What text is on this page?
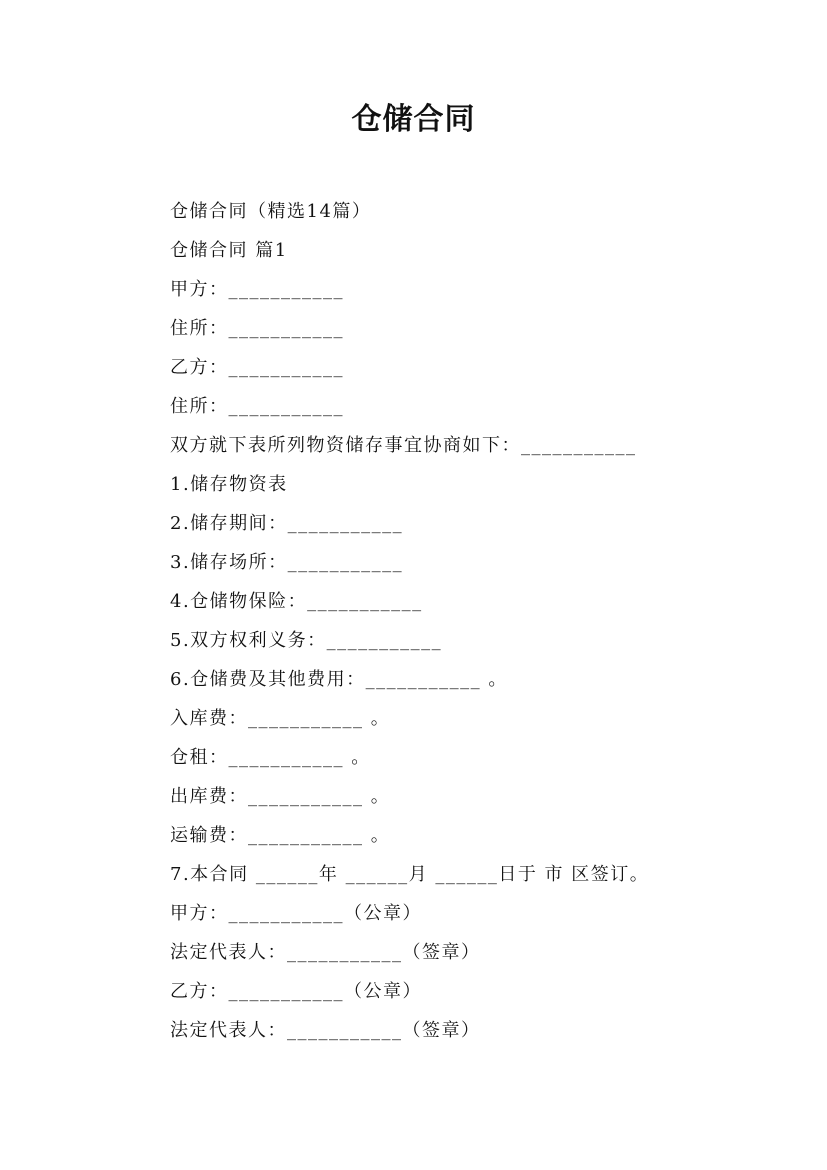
仓储合同
仓储合同（精选14篇）
仓储合同 篇1
甲方：___________
住所：___________
乙方：___________
住所：___________
双方就下表所列物资储存事宜协商如下：___________
1.储存物资表
2.储存期间：___________
3.储存场所：___________
4.仓储物保险：___________
5.双方权利义务：___________
6.仓储费及其他费用：___________ 。
入库费：___________ 。
仓租：___________ 。
出库费：___________ 。
运输费：___________ 。
7.本合同 ______年 ______月 ______日于 市 区签订。
甲方：___________（公章）
法定代表人：___________（签章）
乙方：___________（公章）
法定代表人：___________（签章）
